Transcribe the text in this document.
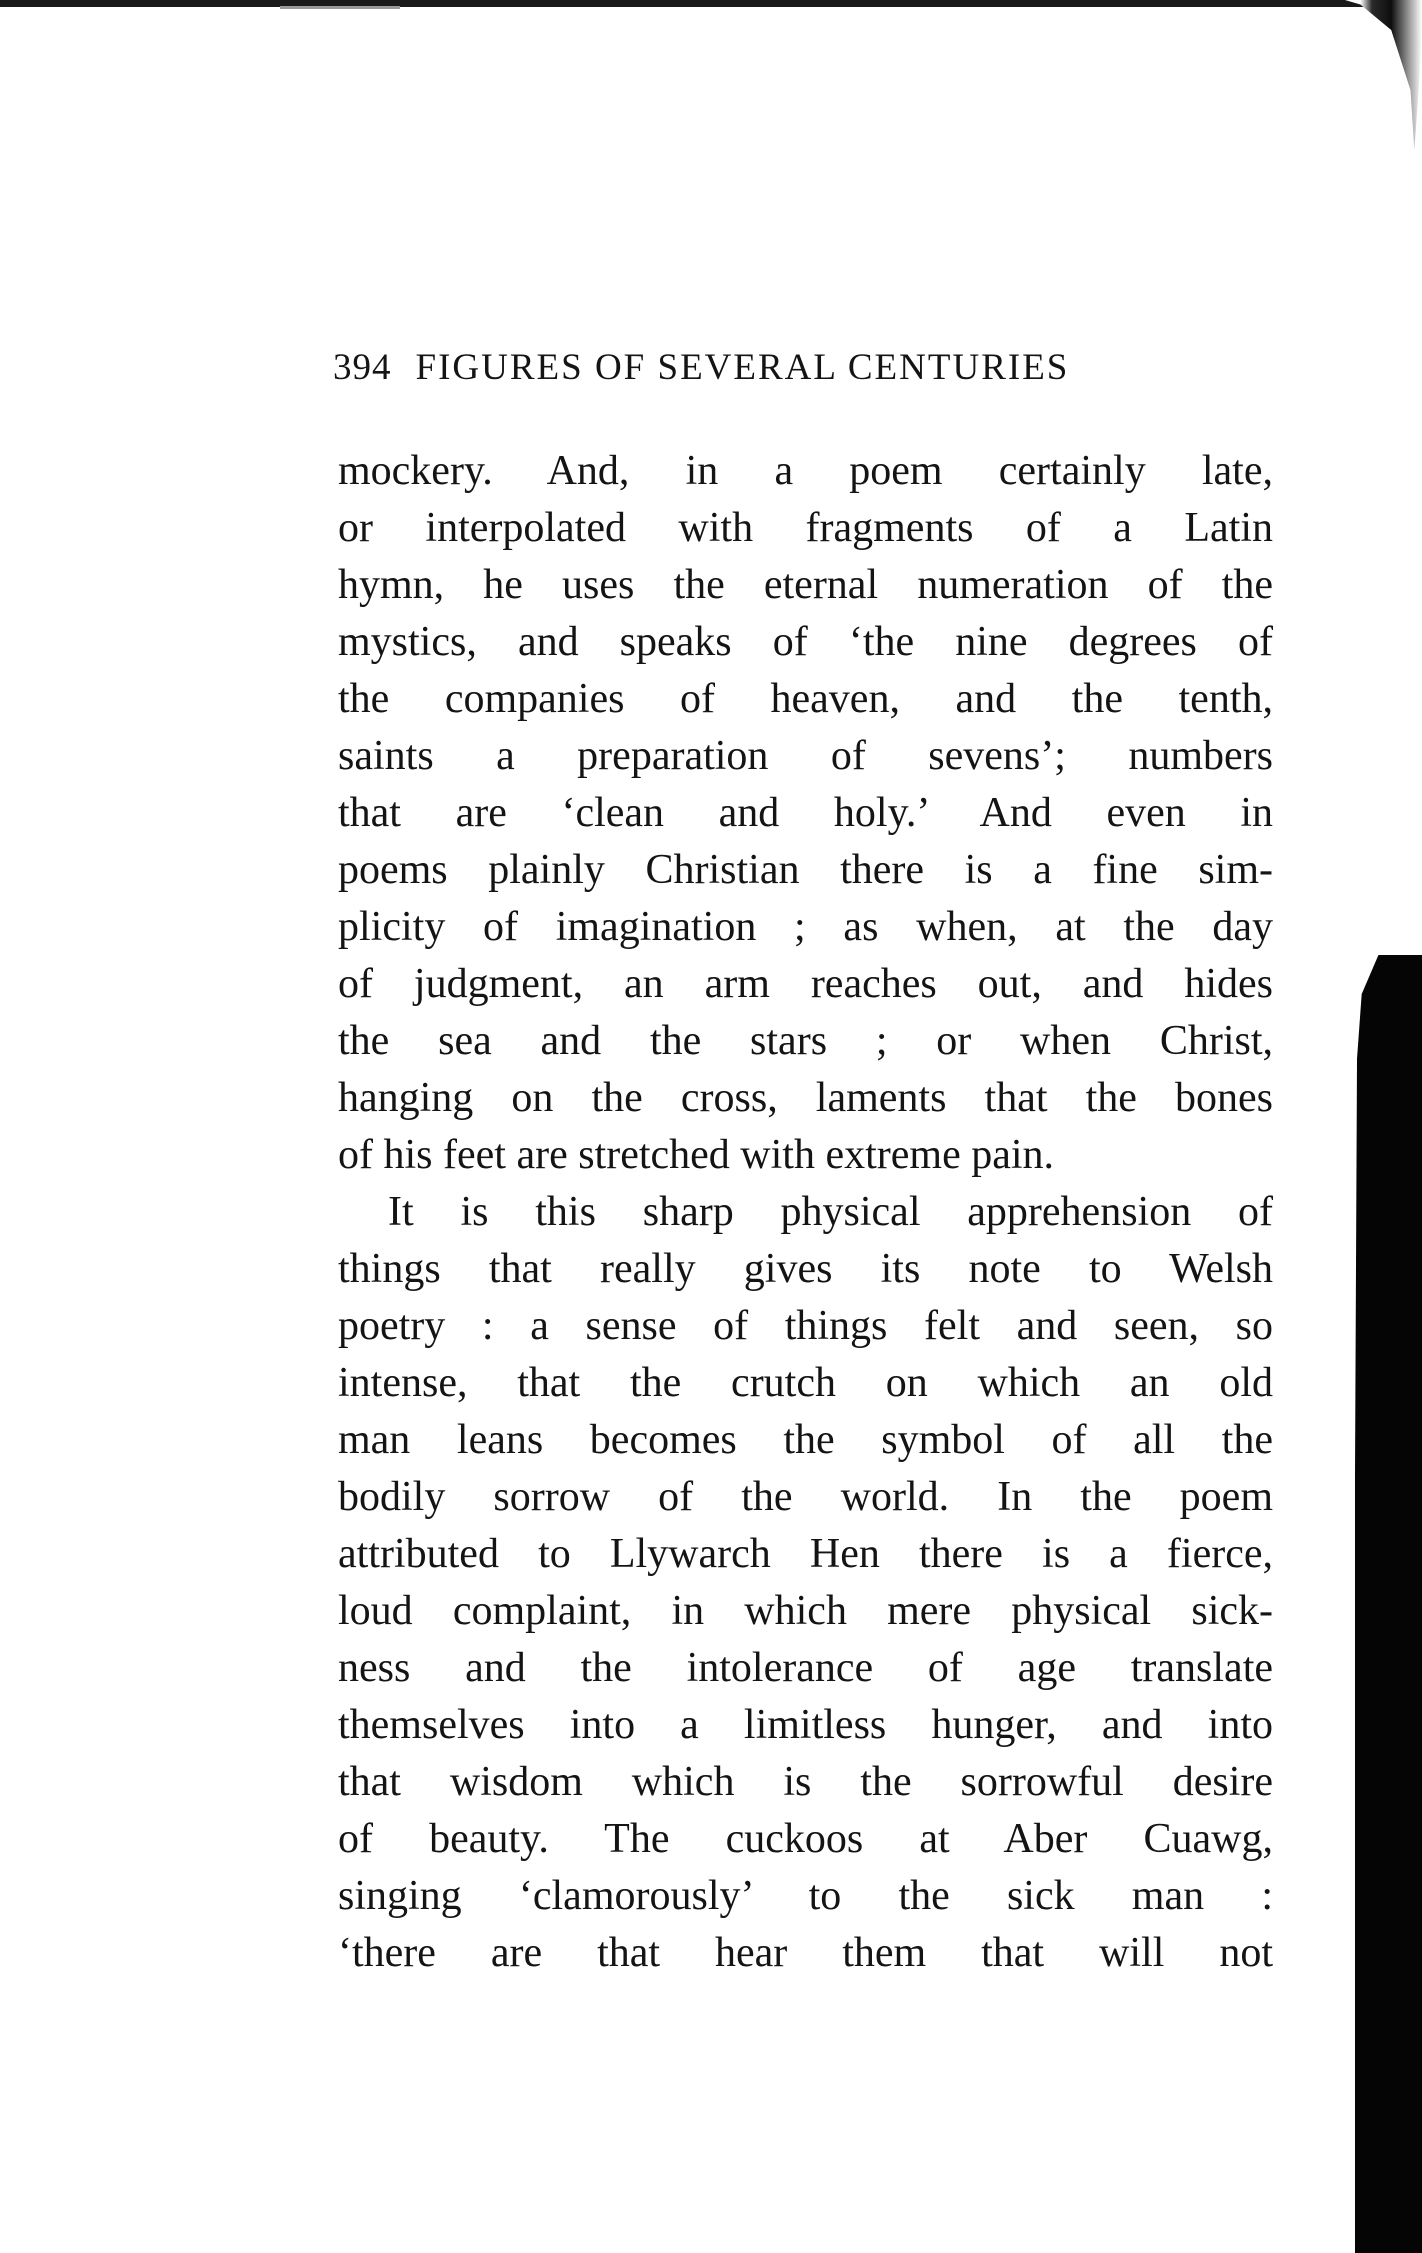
394 FIGURES OF SEVERAL CENTURIES
mockery. And, in a poem certainly late,
or interpolated with fragments of a Latin
hymn, he uses the eternal numeration of the
mystics, and speaks of ‘the nine degrees of
the companies of heaven, and the tenth,
saints a preparation of sevens’; numbers
that are ‘clean and holy.’ And even in
poems plainly Christian there is a fine sim-
plicity of imagination ; as when, at the day
of judgment, an arm reaches out, and hides
the sea and the stars ; or when Christ,
hanging on the cross, laments that the bones
of his feet are stretched with extreme pain.
It is this sharp physical apprehension of
things that really gives its note to Welsh
poetry : a sense of things felt and seen, so
intense, that the crutch on which an old
man leans becomes the symbol of all the
bodily sorrow of the world. In the poem
attributed to Llywarch Hen there is a fierce,
loud complaint, in which mere physical sick-
ness and the intolerance of age translate
themselves into a limitless hunger, and into
that wisdom which is the sorrowful desire
of beauty. The cuckoos at Aber Cuawg,
singing ‘clamorously’ to the sick man :
‘there are that hear them that will not
